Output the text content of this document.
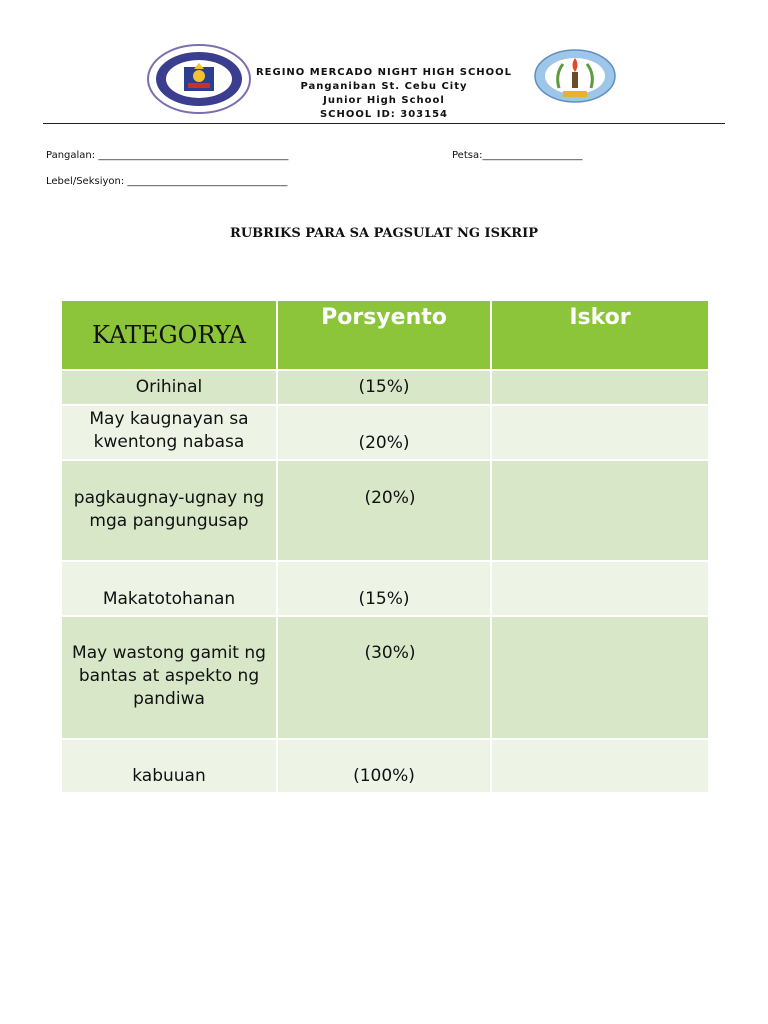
REGINO MERCADO NIGHT HIGH SCHOOL
Panganiban St. Cebu City
Junior High School
SCHOOL ID: 303154
Pangalan: ______________________________________	Petsa:____________________
Lebel/Seksiyon: ________________________________
RUBRIKS PARA SA PAGSULAT NG ISKRIP
KATEGORYA	Porsyento	Iskor

Orihinal	(15%)	

May kaugnayan sa kwentong nabasa	(20%)	

pagkaugnay-ugnay ng mga pangungusap	(20%)	

Makatotohanan	(15%)	

May wastong gamit ng bantas at aspekto ng pandiwa	(30%)	

kabuuan	(100%)	
